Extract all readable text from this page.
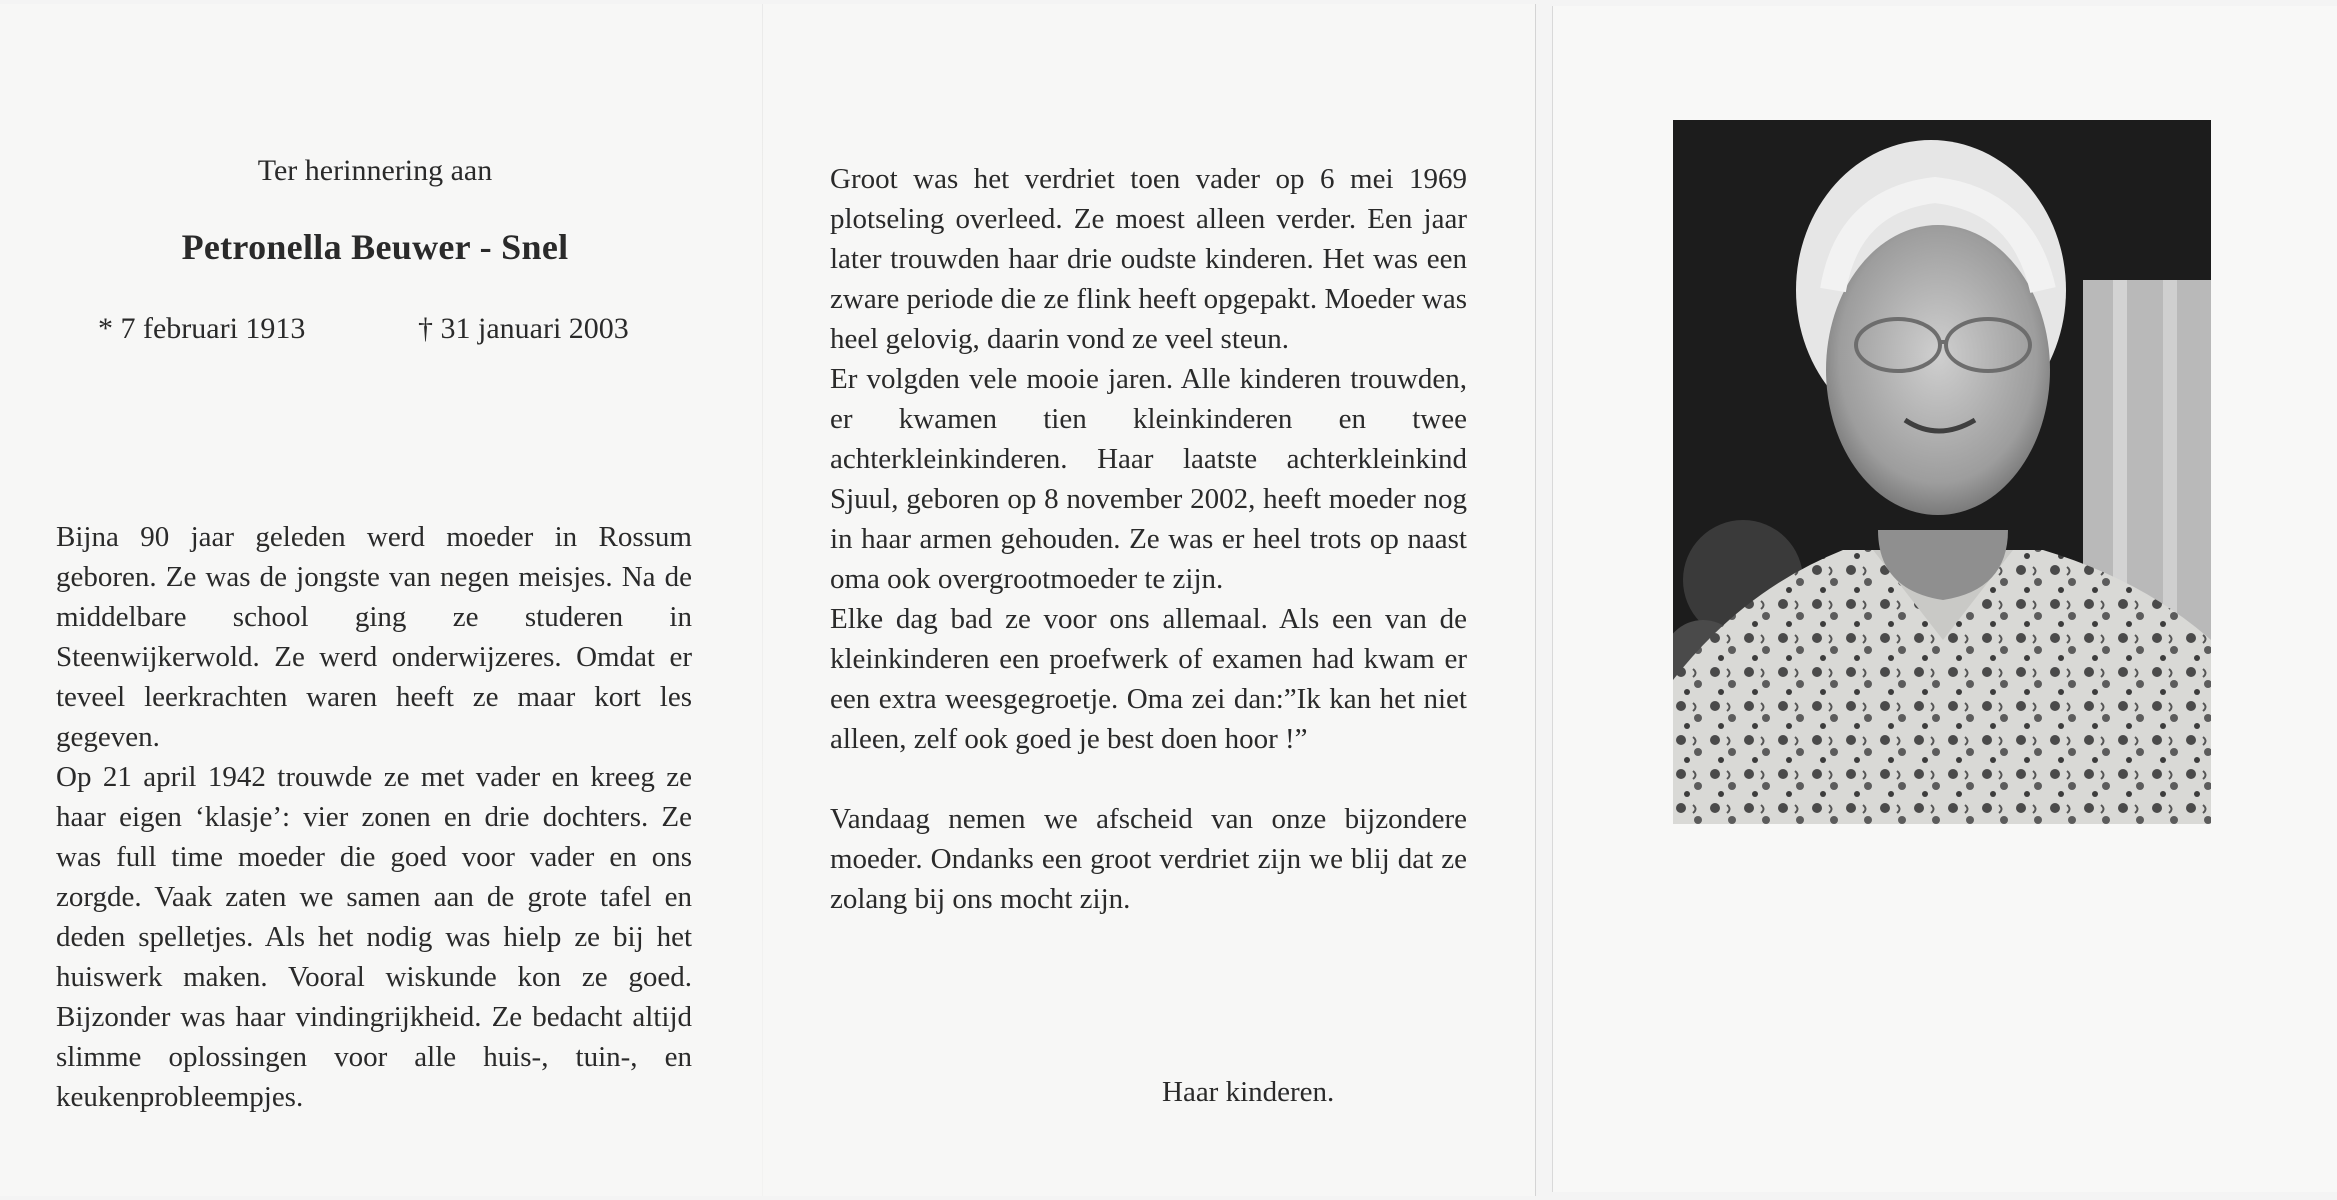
Ter herinnering aan
Petronella Beuwer - Snel
* 7 februari 1913	† 31 januari 2003

Bijna 90 jaar geleden werd moeder in Rossum geboren. Ze was de jongste van negen meisjes. Na de middelbare school ging ze studeren in Steenwijkerwold. Ze werd onderwijzeres. Omdat er teveel leerkrachten waren heeft ze maar kort les gegeven.

Op 21 april 1942 trouwde ze met vader en kreeg ze haar eigen ‘klasje’: vier zonen en drie dochters. Ze was full time moeder die goed voor vader en ons zorgde. Vaak zaten we samen aan de grote tafel en deden spelletjes. Als het nodig was hielp ze bij het huiswerk maken. Vooral wiskunde kon ze goed. Bijzonder was haar vindingrijkheid. Ze bedacht altijd slimme oplossingen voor alle huis-, tuin-, en keukenprobleempjes.

Groot was het verdriet toen vader op 6 mei 1969 plotseling overleed. Ze moest alleen verder. Een jaar later trouwden haar drie oudste kinderen. Het was een zware periode die ze flink heeft opgepakt. Moeder was heel gelovig, daarin vond ze veel steun.

Er volgden vele mooie jaren. Alle kinderen trouwden, er kwamen tien kleinkinderen en twee achterkleinkinderen. Haar laatste achterkleinkind Sjuul, geboren op 8 november 2002, heeft moeder nog in haar armen gehouden. Ze was er heel trots op naast oma ook overgrootmoeder te zijn.

Elke dag bad ze voor ons allemaal. Als een van de kleinkinderen een proefwerk of examen had kwam er een extra weesgegroetje. Oma zei dan:”Ik kan het niet alleen, zelf ook goed je best doen hoor !”

Vandaag nemen we afscheid van onze bijzondere moeder. Ondanks een groot verdriet zijn we blij dat ze zolang bij ons mocht zijn.

Haar kinderen.
